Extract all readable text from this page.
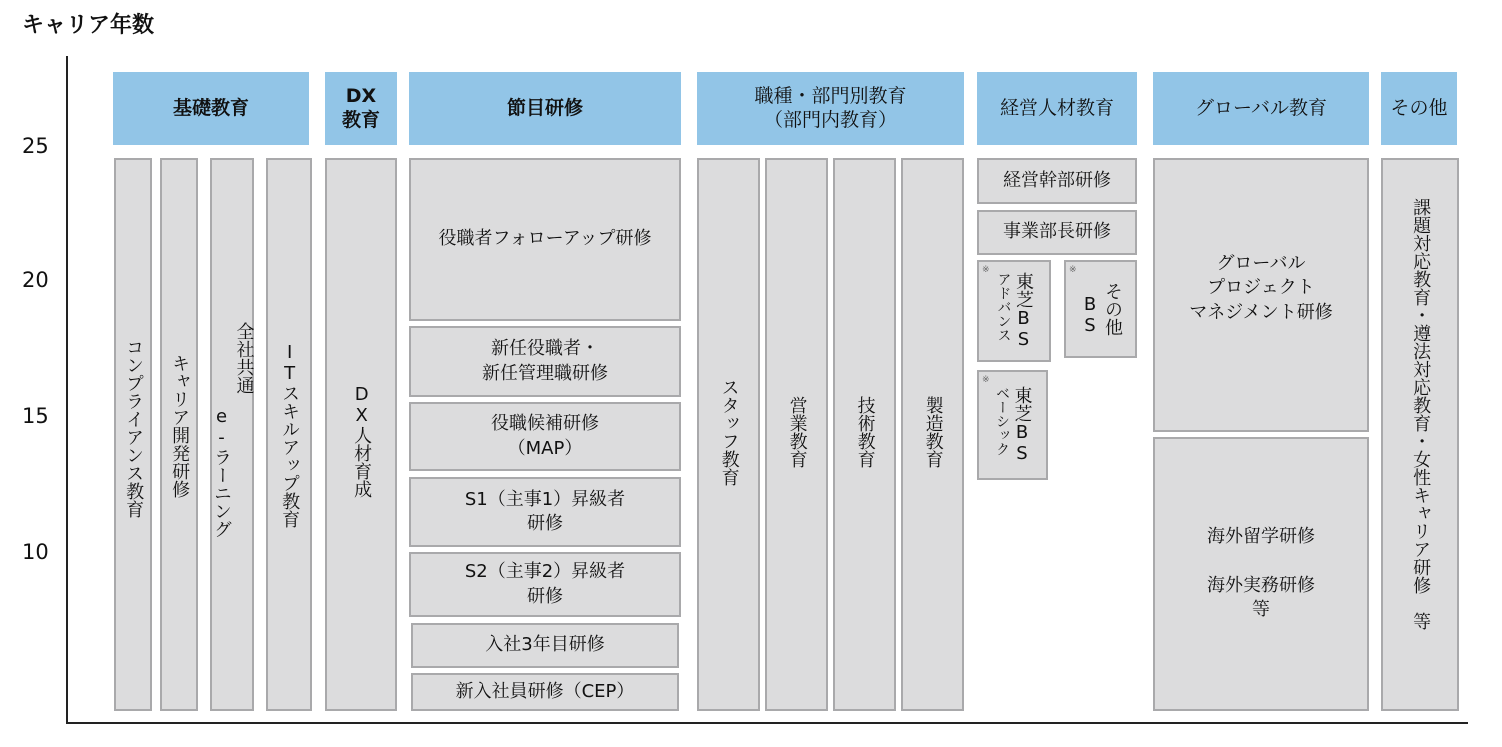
キャリア年数
25
20
15
10
基礎教育
DX
教育
節目研修
職種・部門別教育
（部門内教育）
経営人材教育	グローバル教育	その他
コンプライアンス教育 キャリア開発研修 全社共通
e-ラーニング	ITスキルアップ教育	DX人材育成
役職者フォローアップ研修
新任役職者・
新任管理職研修
役職候補研修
（MAP）
S1（主事1）昇級者
研修
S2（主事2）昇級者
研修
入社3年目研修
新入社員研修（CEP）
スタッフ教育	営業教育	技術教育	製造教育
経営幹部研修
事業部長研修
※
東芝BS
アドバンス
※
その他
BS
※
東芝BS
ベーシック
グローバル
プロジェクト
マネジメント研修
海外留学研修

海外実務研修
等	課題対応教育・遵法対応教育・女性キャリア研修　等
